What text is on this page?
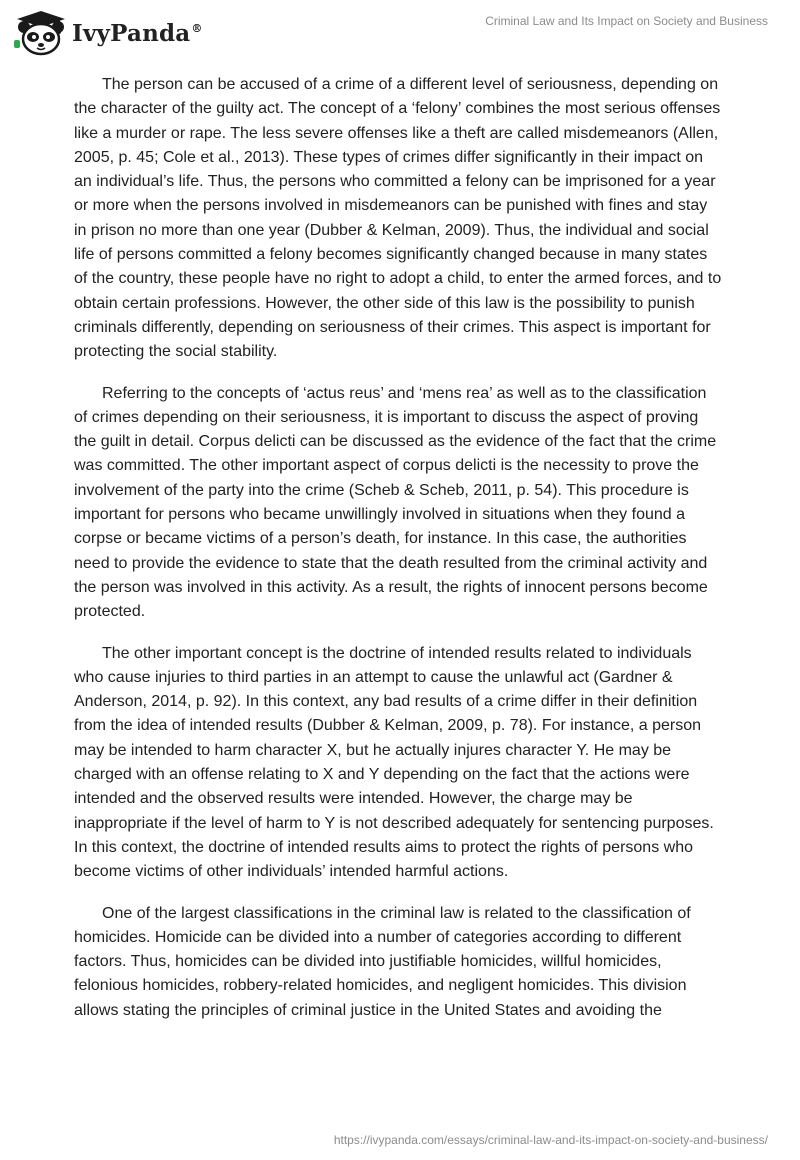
IvyPanda®
Criminal Law and Its Impact on Society and Business

The person can be accused of a crime of a different level of seriousness, depending on the character of the guilty act. The concept of a ‘felony’ combines the most serious offenses like a murder or rape. The less severe offenses like a theft are called misdemeanors (Allen, 2005, p. 45; Cole et al., 2013). These types of crimes differ significantly in their impact on an individual’s life. Thus, the persons who committed a felony can be imprisoned for a year or more when the persons involved in misdemeanors can be punished with fines and stay in prison no more than one year (Dubber & Kelman, 2009). Thus, the individual and social life of persons committed a felony becomes significantly changed because in many states of the country, these people have no right to adopt a child, to enter the armed forces, and to obtain certain professions. However, the other side of this law is the possibility to punish criminals differently, depending on seriousness of their crimes. This aspect is important for protecting the social stability.

Referring to the concepts of ‘actus reus’ and ‘mens rea’ as well as to the classification of crimes depending on their seriousness, it is important to discuss the aspect of proving the guilt in detail. Corpus delicti can be discussed as the evidence of the fact that the crime was committed. The other important aspect of corpus delicti is the necessity to prove the involvement of the party into the crime (Scheb & Scheb, 2011, p. 54). This procedure is important for persons who became unwillingly involved in situations when they found a corpse or became victims of a person’s death, for instance. In this case, the authorities need to provide the evidence to state that the death resulted from the criminal activity and the person was involved in this activity. As a result, the rights of innocent persons become protected.

The other important concept is the doctrine of intended results related to individuals who cause injuries to third parties in an attempt to cause the unlawful act (Gardner & Anderson, 2014, p. 92). In this context, any bad results of a crime differ in their definition from the idea of intended results (Dubber & Kelman, 2009, p. 78). For instance, a person may be intended to harm character X, but he actually injures character Y. He may be charged with an offense relating to X and Y depending on the fact that the actions were intended and the observed results were intended. However, the charge may be inappropriate if the level of harm to Y is not described adequately for sentencing purposes. In this context, the doctrine of intended results aims to protect the rights of persons who become victims of other individuals’ intended harmful actions.

One of the largest classifications in the criminal law is related to the classification of homicides. Homicide can be divided into a number of categories according to different factors. Thus, homicides can be divided into justifiable homicides, willful homicides, felonious homicides, robbery-related homicides, and negligent homicides. This division allows stating the principles of criminal justice in the United States and avoiding the

https://ivypanda.com/essays/criminal-law-and-its-impact-on-society-and-business/
